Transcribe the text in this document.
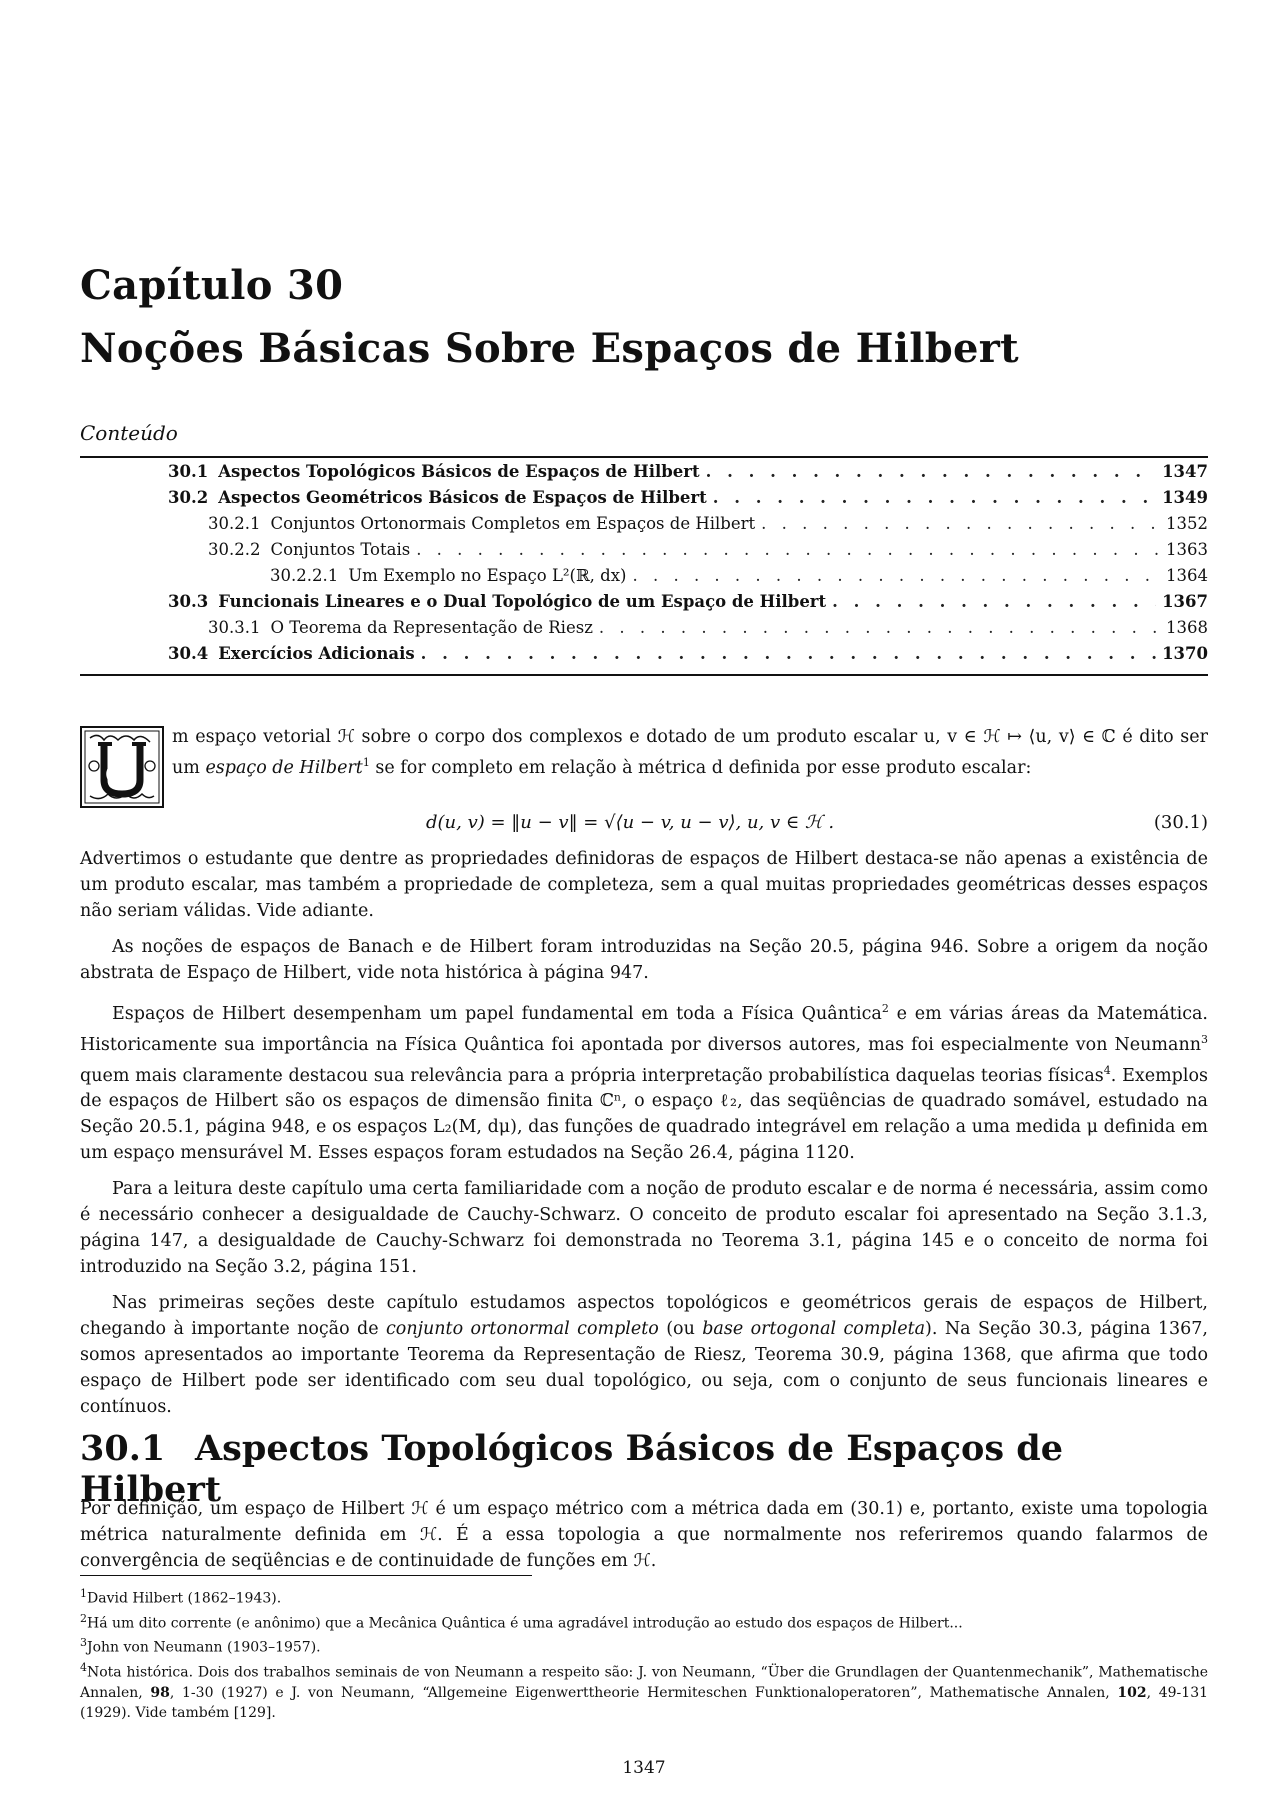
Capítulo 30
Noções Básicas Sobre Espaços de Hilbert
Conteúdo
30.1 Aspectos Topológicos Básicos de Espaços de Hilbert . . .	1347
30.2 Aspectos Geométricos Básicos de Espaços de Hilbert . . .	1349
30.2.1 Conjuntos Ortonormais Completos em Espaços de Hilbert . . .	1352
30.2.2 Conjuntos Totais . . .	1363
30.2.2.1 Um Exemplo no Espaço L²(ℝ, dx) . . .	1364
30.3 Funcionais Lineares e o Dual Topológico de um Espaço de Hilbert . . .	1367
30.3.1 O Teorema da Representação de Riesz . . .	1368
30.4 Exercícios Adicionais . . .	1370

m espaço vetorial ℋ sobre o corpo dos complexos e dotado de um produto escalar u, v ∈ ℋ ↦ ⟨u, v⟩ ∈ ℂ é dito ser um espaço de Hilbert$^1$ se for completo em relação à métrica d definida por esse produto escalar:

d(u, v) = ‖u − v‖ = √⟨u − v, u − v⟩, u, v ∈ ℋ .	(30.1)

Advertimos o estudante que dentre as propriedades definidoras de espaços de Hilbert destaca-se não apenas a existência de um produto escalar, mas também a propriedade de completeza, sem a qual muitas propriedades geométricas desses espaços não seriam válidas. Vide adiante.

As noções de espaços de Banach e de Hilbert foram introduzidas na Seção 20.5, página 946. Sobre a origem da noção abstrata de Espaço de Hilbert, vide nota histórica à página 947.

Espaços de Hilbert desempenham um papel fundamental em toda a Física Quântica$^2$ e em várias áreas da Matemática. Historicamente sua importância na Física Quântica foi apontada por diversos autores, mas foi especialmente von Neumann$^3$ quem mais claramente destacou sua relevância para a própria interpretação probabilística daquelas teorias físicas$^4$. Exemplos de espaços de Hilbert são os espaços de dimensão finita ℂⁿ, o espaço ℓ₂, das seqüências de quadrado somável, estudado na Seção 20.5.1, página 948, e os espaços L₂(M, dμ), das funções de quadrado integrável em relação a uma medida μ definida em um espaço mensurável M. Esses espaços foram estudados na Seção 26.4, página 1120.

Para a leitura deste capítulo uma certa familiaridade com a noção de produto escalar e de norma é necessária, assim como é necessário conhecer a desigualdade de Cauchy-Schwarz. O conceito de produto escalar foi apresentado na Seção 3.1.3, página 147, a desigualdade de Cauchy-Schwarz foi demonstrada no Teorema 3.1, página 145 e o conceito de norma foi introduzido na Seção 3.2, página 151.

Nas primeiras seções deste capítulo estudamos aspectos topológicos e geométricos gerais de espaços de Hilbert, chegando à importante noção de conjunto ortonormal completo (ou base ortogonal completa). Na Seção 30.3, página 1367, somos apresentados ao importante Teorema da Representação de Riesz, Teorema 30.9, página 1368, que afirma que todo espaço de Hilbert pode ser identificado com seu dual topológico, ou seja, com o conjunto de seus funcionais lineares e contínuos.

30.1 Aspectos Topológicos Básicos de Espaços de Hilbert
Por definição, um espaço de Hilbert ℋ é um espaço métrico com a métrica dada em (30.1) e, portanto, existe uma topologia métrica naturalmente definida em ℋ. É a essa topologia a que normalmente nos referiremos quando falarmos de convergência de seqüências e de continuidade de funções em ℋ.
$^1$David Hilbert (1862–1943).
$^2$Há um dito corrente (e anônimo) que a Mecânica Quântica é uma agradável introdução ao estudo dos espaços de Hilbert...
$^3$John von Neumann (1903–1957).
$^4$Nota histórica. Dois dos trabalhos seminais de von Neumann a respeito são: J. von Neumann, “Über die Grundlagen der Quantenmechanik”, Mathematische Annalen, 98, 1-30 (1927) e J. von Neumann, “Allgemeine Eigenwerttheorie Hermiteschen Funktionaloperatoren”, Mathematische Annalen, 102, 49-131 (1929). Vide também [129].
1347
